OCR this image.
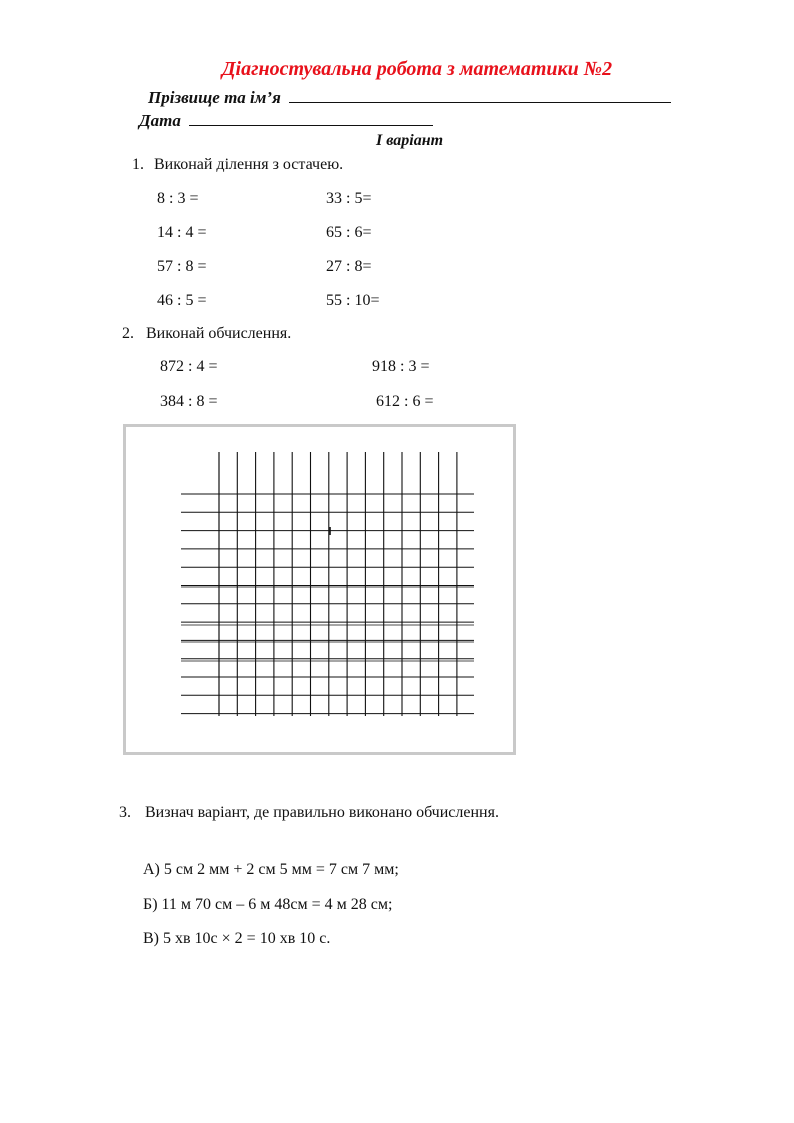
Діагностувальна робота з математики №2
Прізвище та ім’я
Дата
І варіант
1. Виконай ділення з остачею.
8 : 3 =
14 : 4 =
57 : 8 =
46 : 5 =
33 : 5=
65 : 6=
27 : 8=
55 : 10=
2. Виконай обчислення.
872 : 4 =
384 : 8 =
918 : 3 =
612 : 6 =
3. Визнач варіант, де правильно виконано обчислення.
А) 5 см 2 мм + 2 см 5 мм = 7 см 7 мм;
Б) 11 м 70 см – 6 м 48см = 4 м 28 см;
В) 5 хв 10с × 2 = 10 хв 10 с.
